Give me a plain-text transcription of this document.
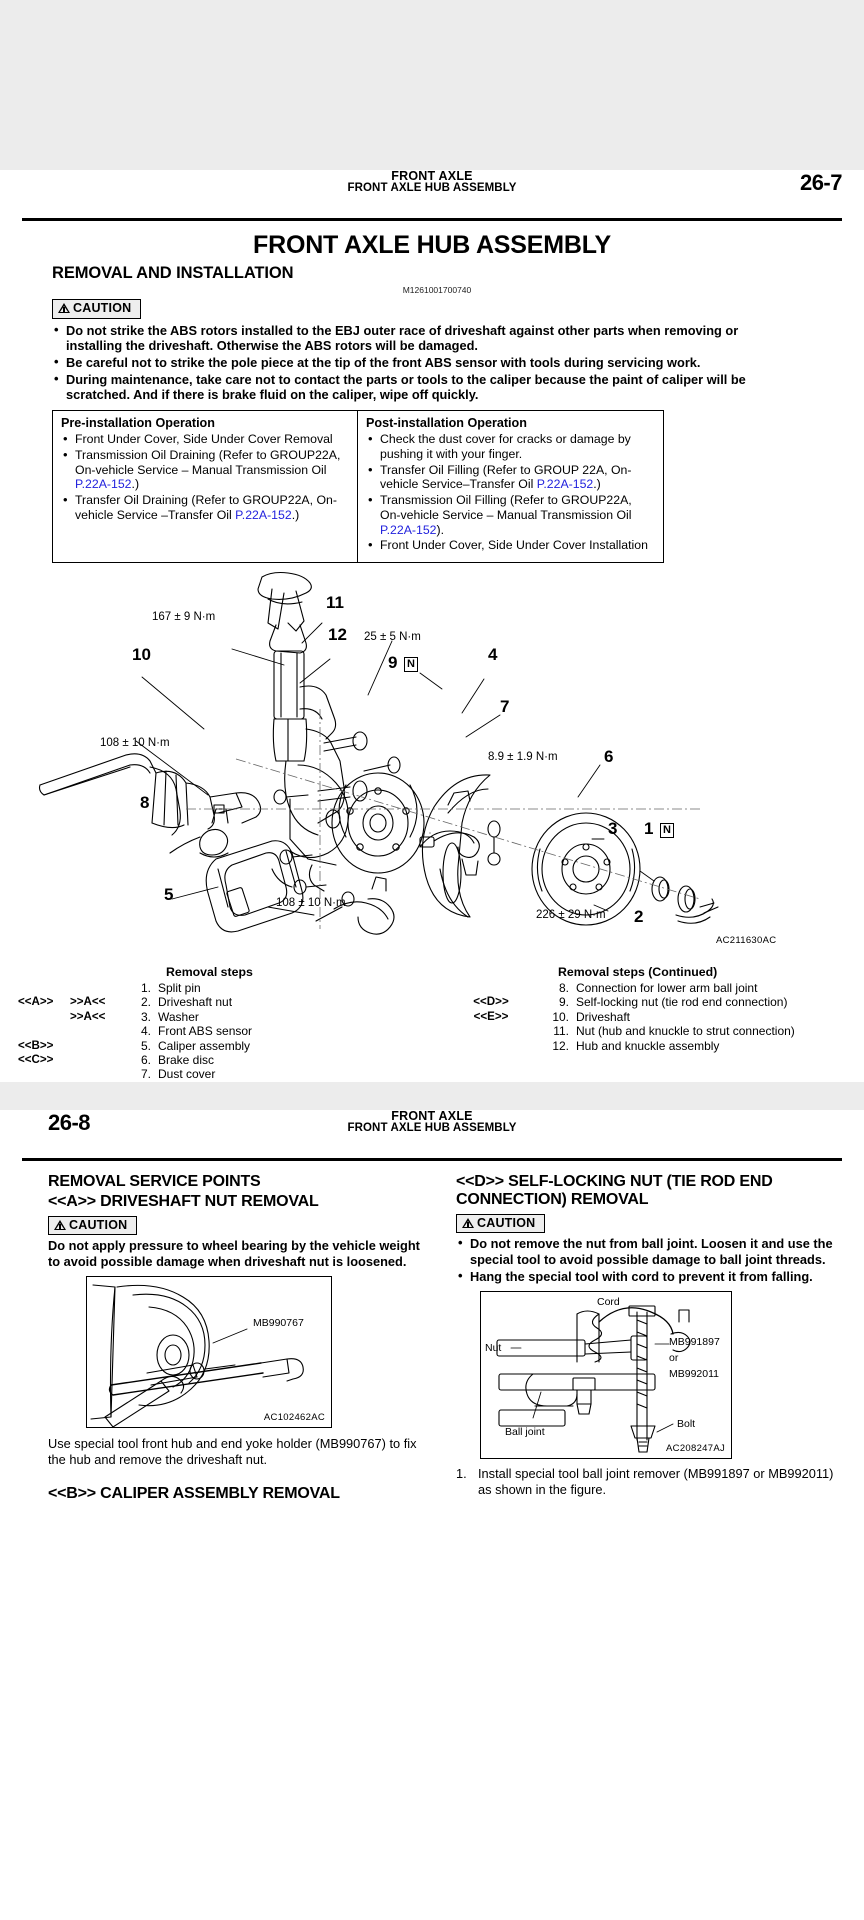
FRONT AXLE
FRONT AXLE HUB ASSEMBLY	26-7
FRONT AXLE HUB ASSEMBLY
REMOVAL AND INSTALLATION
M1261001700740
CAUTION
• Do not strike the ABS rotors installed to the EBJ outer race of driveshaft against other parts when removing or installing the driveshaft. Otherwise the ABS rotors will be damaged.
• Be careful not to strike the pole piece at the tip of the front ABS sensor with tools during servicing work.
• During maintenance, take care not to contact the parts or tools to the caliper because the paint of caliper will be scratched. And if there is brake fluid on the caliper, wipe off quickly.
Pre-installation Operation
• Front Under Cover, Side Under Cover Removal
• Transmission Oil Draining (Refer to GROUP22A, On-vehicle Service – Manual Transmission Oil P.22A-152.)
• Transfer Oil Draining (Refer to GROUP22A, On-vehicle Service –Transfer Oil P.22A-152.)
Post-installation Operation
• Check the dust cover for cracks or damage by pushing it with your finger.
• Transfer Oil Filling (Refer to GROUP 22A, On-vehicle Service–Transfer Oil P.22A-152.)
• Transmission Oil Filling (Refer to GROUP22A, On-vehicle Service – Manual Transmission Oil P.22A-152).
• Front Under Cover, Side Under Cover Installation
167 ± 9 N·m
25 ± 5 N·m
108 ± 10 N·m
8.9 ± 1.9 N·m
108 ± 10 N·m
226 ± 29 N·m
11
12
10	9	4
7
6
8
3 1
5
2
N
N
AC211630AC
Removal steps
1. Split pin
<<A>>	>>A<<	2. Driveshaft nut
>>A<<	3. Washer
4. Front ABS sensor
<<B>>	5. Caliper assembly
<<C>>	6. Brake disc
7. Dust cover
Removal steps (Continued)
8. Connection for lower arm ball joint
<<D>>	9. Self-locking nut (tie rod end connection)
<<E>>	10. Driveshaft
11. Nut (hub and knuckle to strut connection)
12. Hub and knuckle assembly
26-8	FRONT AXLE
FRONT AXLE HUB ASSEMBLY
REMOVAL SERVICE POINTS
<<A>> DRIVESHAFT NUT REMOVAL
CAUTION
Do not apply pressure to wheel bearing by the vehicle weight to avoid possible damage when driveshaft nut is loosened.
MB990767
AC102462AC
Use special tool front hub and end yoke holder (MB990767) to fix the hub and remove the driveshaft nut.
<<B>> CALIPER ASSEMBLY REMOVAL
<<D>> SELF-LOCKING NUT (TIE ROD END CONNECTION) REMOVAL
CAUTION
• Do not remove the nut from ball joint. Loosen it and use the special tool to avoid possible damage to ball joint threads.
• Hang the special tool with cord to prevent it from falling.
Cord
Nut	MB991897
or
MB992011
Bolt
Ball joint
AC208247AJ
1. Install special tool ball joint remover (MB991897 or MB992011) as shown in the figure.
